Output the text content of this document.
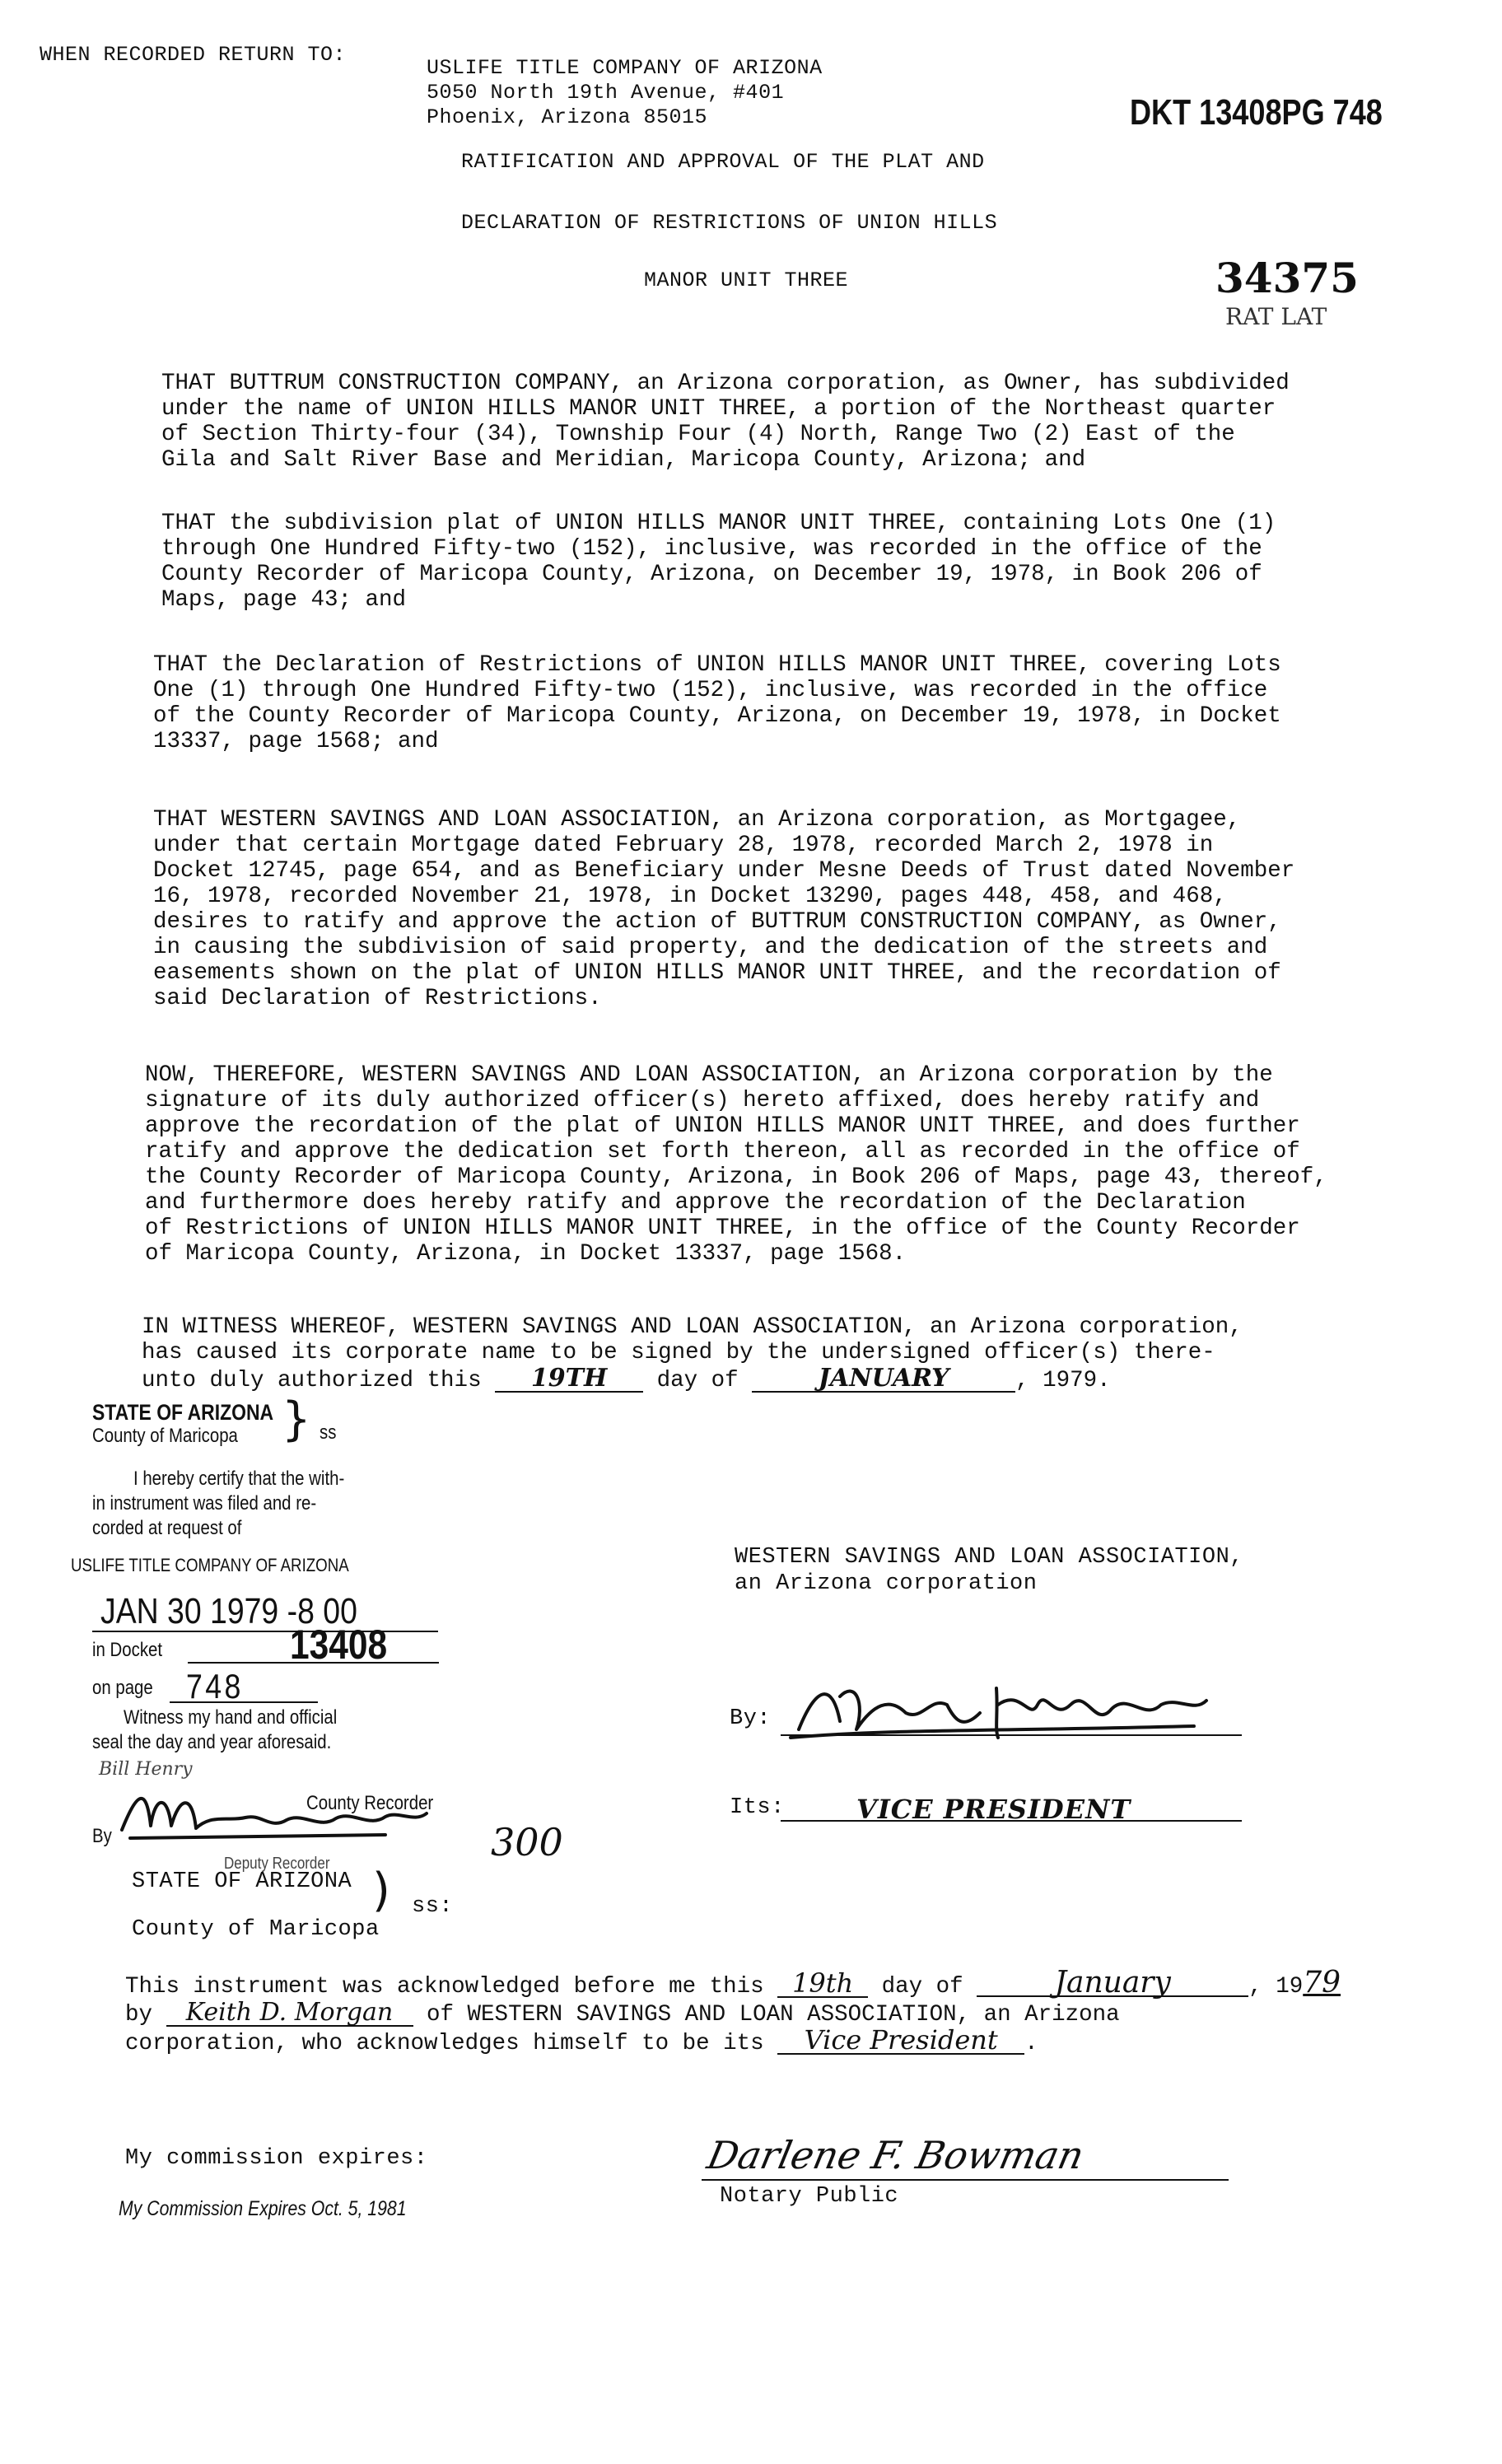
WHEN RECORDED RETURN TO:
USLIFE TITLE COMPANY OF ARIZONA
5050 North 19th Avenue, #401
Phoenix, Arizona 85015	DKT 13408PG 748
RATIFICATION AND APPROVAL OF THE PLAT AND
DECLARATION OF RESTRICTIONS OF UNION HILLS
MANOR UNIT THREE	34375
RAT LAT
THAT BUTTRUM CONSTRUCTION COMPANY, an Arizona corporation, as Owner, has subdivided
under the name of UNION HILLS MANOR UNIT THREE, a portion of the Northeast quarter
of Section Thirty-four (34), Township Four (4) North, Range Two (2) East of the
Gila and Salt River Base and Meridian, Maricopa County, Arizona; and
THAT the subdivision plat of UNION HILLS MANOR UNIT THREE, containing Lots One (1)
through One Hundred Fifty-two (152), inclusive, was recorded in the office of the
County Recorder of Maricopa County, Arizona, on December 19, 1978, in Book 206 of
Maps, page 43; and
THAT the Declaration of Restrictions of UNION HILLS MANOR UNIT THREE, covering Lots
One (1) through One Hundred Fifty-two (152), inclusive, was recorded in the office
of the County Recorder of Maricopa County, Arizona, on December 19, 1978, in Docket
13337, page 1568; and
THAT WESTERN SAVINGS AND LOAN ASSOCIATION, an Arizona corporation, as Mortgagee,
under that certain Mortgage dated February 28, 1978, recorded March 2, 1978 in
Docket 12745, page 654, and as Beneficiary under Mesne Deeds of Trust dated November
16, 1978, recorded November 21, 1978, in Docket 13290, pages 448, 458, and 468,
desires to ratify and approve the action of BUTTRUM CONSTRUCTION COMPANY, as Owner,
in causing the subdivision of said property, and the dedication of the streets and
easements shown on the plat of UNION HILLS MANOR UNIT THREE, and the recordation of
said Declaration of Restrictions.
NOW, THEREFORE, WESTERN SAVINGS AND LOAN ASSOCIATION, an Arizona corporation by the
signature of its duly authorized officer(s) hereto affixed, does hereby ratify and
approve the recordation of the plat of UNION HILLS MANOR UNIT THREE, and does further
ratify and approve the dedication set forth thereon, all as recorded in the office of
the County Recorder of Maricopa County, Arizona, in Book 206 of Maps, page 43, thereof,
and furthermore does hereby ratify and approve the recordation of the Declaration
of Restrictions of UNION HILLS MANOR UNIT THREE, in the office of the County Recorder
of Maricopa County, Arizona, in Docket 13337, page 1568.
IN WITNESS WHEREOF, WESTERN SAVINGS AND LOAN ASSOCIATION, an Arizona corporation,
has caused its corporate name to be signed by the undersigned officer(s) there-
unto duly authorized this 19TH day of	JANUARY	, 1979.
STATE OF ARIZONA
County of Maricopa } ss
I hereby certify that the with-
in instrument was filed and re-
corded at request of
USLIFE TITLE COMPANY OF ARIZONA
JAN 30 1979 -8 00
in Docket	13408
on page 748
Witness my hand and official
seal the day and year aforesaid.
Bill Henry
County Recorder
By
Deputy Recorder	300
WESTERN SAVINGS AND LOAN ASSOCIATION,
an Arizona corporation
By:
Its:	VICE PRESIDENT
STATE OF ARIZONA ) ss:
County of Maricopa
This instrument was acknowledged before me this 19th day of	January	, 1979
by Keith D. Morgan of WESTERN SAVINGS AND LOAN ASSOCIATION, an Arizona
corporation, who acknowledges himself to be its Vice President .
My commission expires:
My Commission Expires Oct. 5, 1981
Darlene F. Bowman
Notary Public
